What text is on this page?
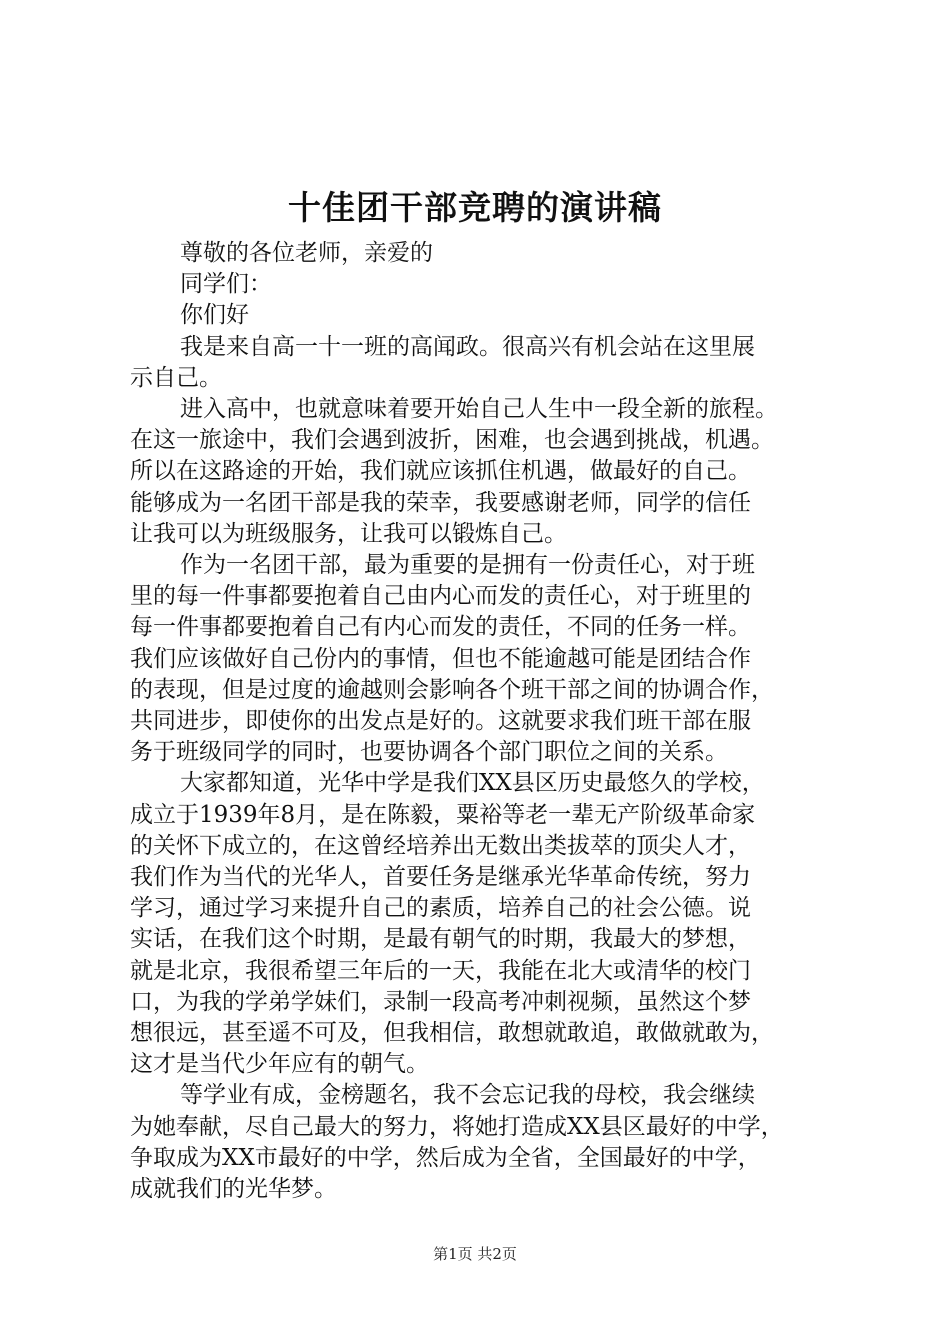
十佳团干部竞聘的演讲稿
尊敬的各位老师，亲爱的
同学们：
你们好
我是来自高一十一班的高闻政。很高兴有机会站在这里展
示自己。
进入高中，也就意味着要开始自己人生中一段全新的旅程。
在这一旅途中，我们会遇到波折，困难，也会遇到挑战，机遇。
所以在这路途的开始，我们就应该抓住机遇，做最好的自己。
能够成为一名团干部是我的荣幸，我要感谢老师，同学的信任
让我可以为班级服务，让我可以锻炼自己。
作为一名团干部，最为重要的是拥有一份责任心，对于班
里的每一件事都要抱着自己由内心而发的责任心，对于班里的
每一件事都要抱着自己有内心而发的责任，不同的任务一样。
我们应该做好自己份内的事情，但也不能逾越可能是团结合作
的表现，但是过度的逾越则会影响各个班干部之间的协调合作，
共同进步，即使你的出发点是好的。这就要求我们班干部在服
务于班级同学的同时，也要协调各个部门职位之间的关系。
大家都知道，光华中学是我们XX县区历史最悠久的学校，
成立于1939年8月，是在陈毅，粟裕等老一辈无产阶级革命家
的关怀下成立的，在这曾经培养出无数出类拔萃的顶尖人才，
我们作为当代的光华人，首要任务是继承光华革命传统，努力
学习，通过学习来提升自己的素质，培养自己的社会公德。说
实话，在我们这个时期，是最有朝气的时期，我最大的梦想，
就是北京，我很希望三年后的一天，我能在北大或清华的校门
口，为我的学弟学妹们，录制一段高考冲刺视频，虽然这个梦
想很远，甚至遥不可及，但我相信，敢想就敢追，敢做就敢为，
这才是当代少年应有的朝气。
等学业有成，金榜题名，我不会忘记我的母校，我会继续
为她奉献，尽自己最大的努力，将她打造成XX县区最好的中学，
争取成为XX市最好的中学，然后成为全省，全国最好的中学，
成就我们的光华梦。
第1页 共2页
